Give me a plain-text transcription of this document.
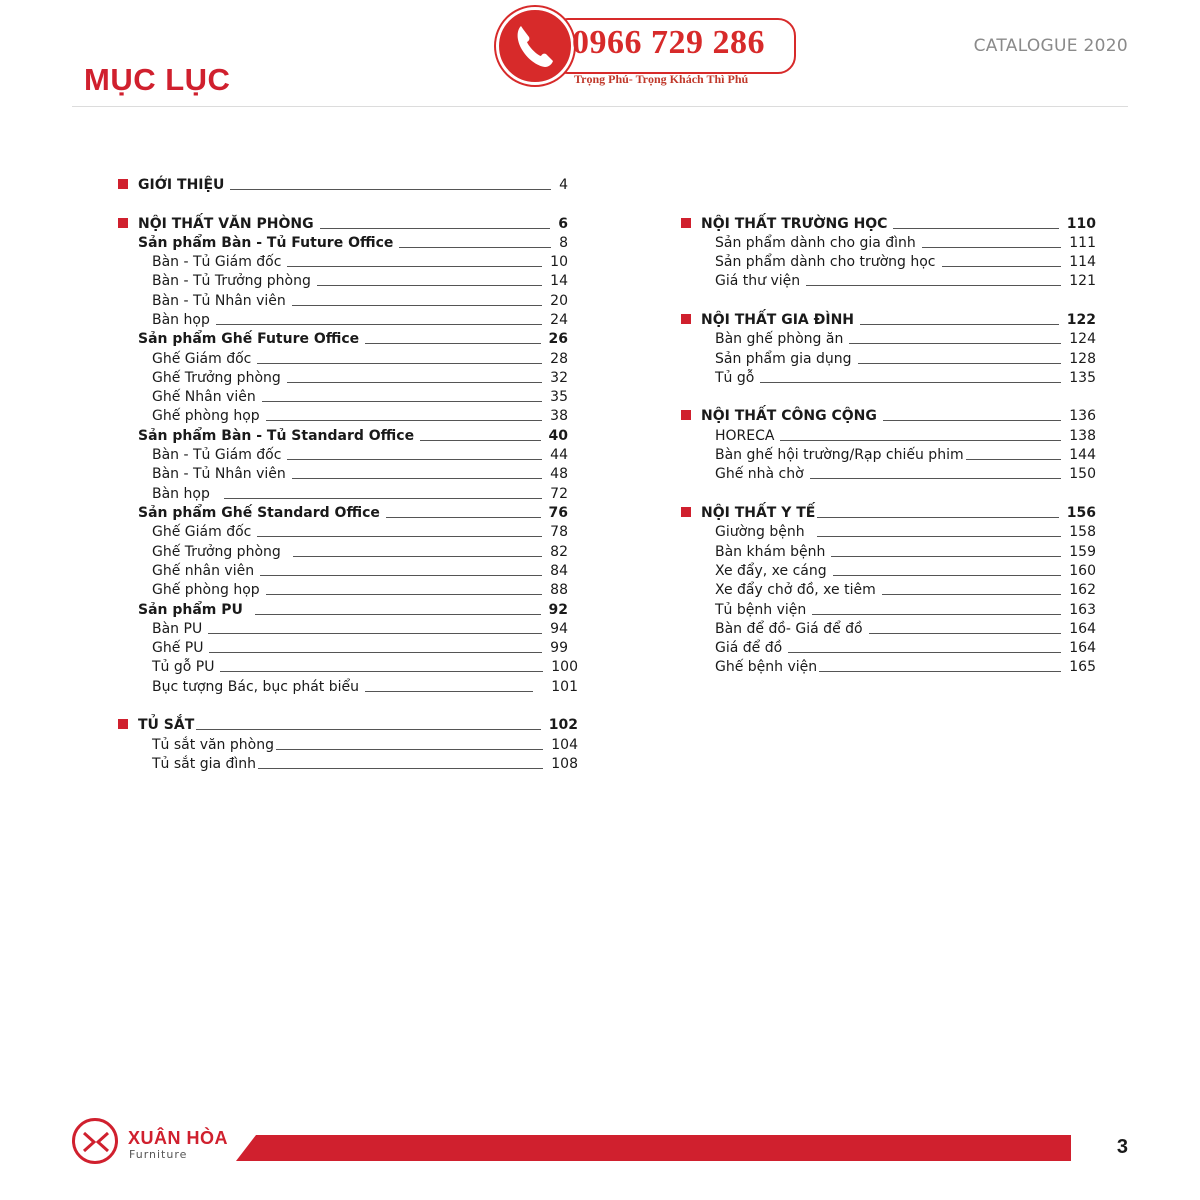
MỤC LỤC
0966 729 286
Trọng Phú- Trọng Khách Thì Phú
CATALOGUE 2020
GIỚI THIỆU	4
NỘI THẤT VĂN PHÒNG	6
Sản phẩm Bàn - Tủ Future Office	8
Bàn - Tủ Giám đốc	10
Bàn - Tủ Trưởng phòng	14
Bàn - Tủ Nhân viên	20
Bàn họp	24
Sản phẩm Ghế Future Office	26
Ghế Giám đốc	28
Ghế Trưởng phòng	32
Ghế Nhân viên	35
Ghế phòng họp	38
Sản phẩm Bàn - Tủ Standard Office	40
Bàn - Tủ Giám đốc	44
Bàn - Tủ Nhân viên	48
Bàn họp	72
Sản phẩm Ghế Standard Office	76
Ghế Giám đốc	78
Ghế Trưởng phòng	82
Ghế nhân viên	84
Ghế phòng họp	88
Sản phẩm PU	92
Bàn PU	94
Ghế PU	99
Tủ gỗ PU	100
Bục tượng Bác, bục phát biểu	101
TỦ SẮT	102
Tủ sắt văn phòng	104
Tủ sắt gia đình	108
NỘI THẤT TRƯỜNG HỌC	110
Sản phẩm dành cho gia đình	111
Sản phẩm dành cho trường học	114
Giá thư viện	121
NỘI THẤT GIA ĐÌNH	122
Bàn ghế phòng ăn	124
Sản phẩm gia dụng	128
Tủ gỗ	135
NỘI THẤT CÔNG CỘNG	136
HORECA	138
Bàn ghế hội trường/Rạp chiếu phim	144
Ghế nhà chờ	150
NỘI THẤT Y TẾ	156
Giường bệnh	158
Bàn khám bệnh	159
Xe đẩy, xe cáng	160
Xe đẩy chở đồ, xe tiêm	162
Tủ bệnh viện	163
Bàn để đồ- Giá để đồ	164
Giá để đồ	164
Ghế bệnh viện	165
XUÂN HÒA
Furniture	3
